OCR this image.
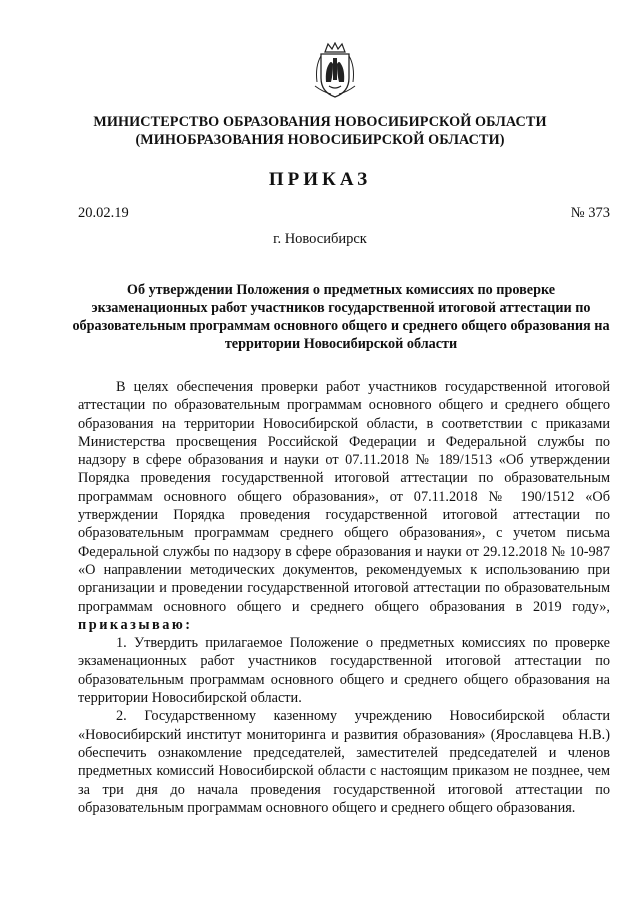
МИНИСТЕРСТВО ОБРАЗОВАНИЯ НОВОСИБИРСКОЙ ОБЛАСТИ
(МИНОБРАЗОВАНИЯ НОВОСИБИРСКОЙ ОБЛАСТИ)
ПРИКАЗ
20.02.19	№ 373
г. Новосибирск
Об утверждении Положения о предметных комиссиях по проверке экзаменационных работ участников государственной итоговой аттестации по образовательным программам основного общего и среднего общего образования на территории Новосибирской области

В целях обеспечения проверки работ участников государственной итоговой аттестации по образовательным программам основного общего и среднего общего образования на территории Новосибирской области, в соответствии с приказами Министерства просвещения Российской Федерации и Федеральной службы по надзору в сфере образования и науки от 07.11.2018 № 189/1513 «Об утверждении Порядка проведения государственной итоговой аттестации по образовательным программам основного общего образования», от 07.11.2018 № 190/1512 «Об утверждении Порядка проведения государственной итоговой аттестации по образовательным программам среднего общего образования», с учетом письма Федеральной службы по надзору в сфере образования и науки от 29.12.2018 № 10-987 «О направлении методических документов, рекомендуемых к использованию при организации и проведении государственной итоговой аттестации по образовательным программам основного общего и среднего общего образования в 2019 году», приказываю:

1. Утвердить прилагаемое Положение о предметных комиссиях по проверке экзаменационных работ участников государственной итоговой аттестации по образовательным программам основного общего и среднего общего образования на территории Новосибирской области.

2. Государственному казенному учреждению Новосибирской области «Новосибирский институт мониторинга и развития образования» (Ярославцева Н.В.) обеспечить ознакомление председателей, заместителей председателей и членов предметных комиссий Новосибирской области с настоящим приказом не позднее, чем за три дня до начала проведения государственной итоговой аттестации по образовательным программам основного общего и среднего общего образования.
